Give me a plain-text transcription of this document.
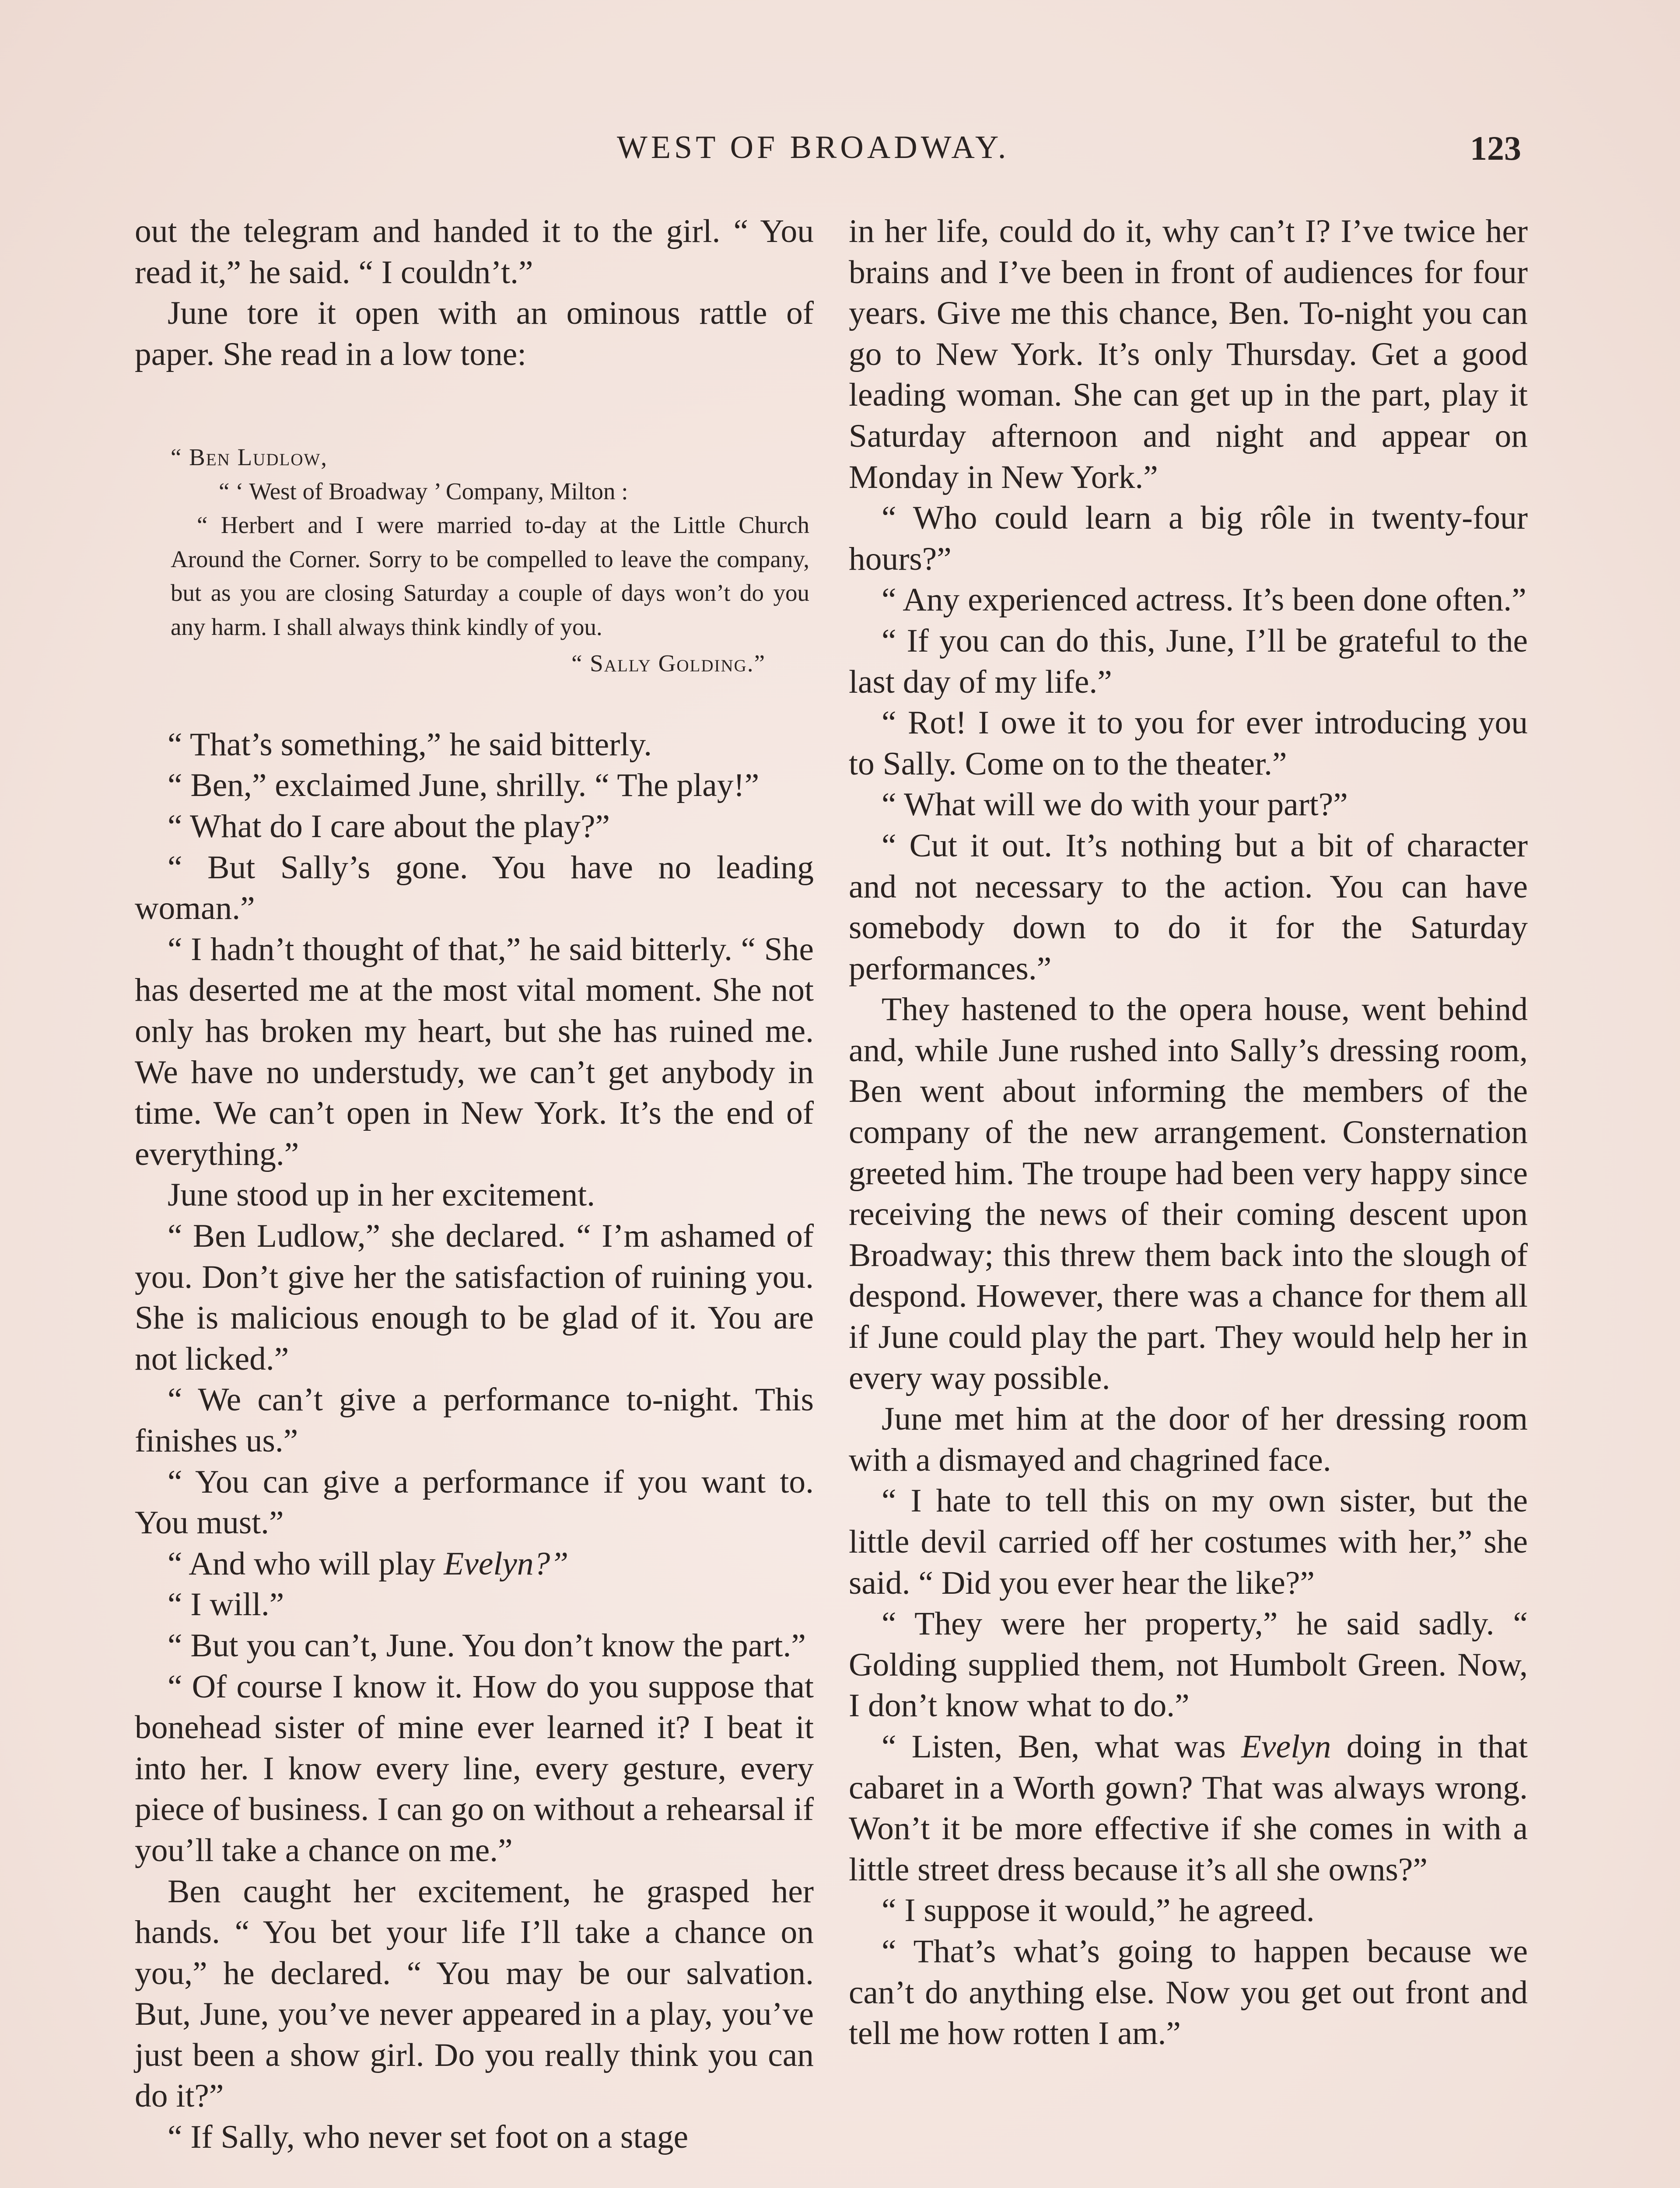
WEST OF BROADWAY.	123

out the telegram and handed it to the girl. “ You read it,” he said. “ I couldn’t.”

June tore it open with an ominous rattle of paper. She read in a low tone:

“ Ben Ludlow,

“ ‘ West of Broadway ’ Company, Milton :

“ Herbert and I were married to-day at the Little Church Around the Corner. Sorry to be compelled to leave the company, but as you are closing Saturday a couple of days won’t do you any harm. I shall always think kindly of you.

“ Sally Golding.”

“ That’s something,” he said bitterly.

“ Ben,” exclaimed June, shrilly. “ The play!”

“ What do I care about the play?”

“ But Sally’s gone. You have no leading woman.”

“ I hadn’t thought of that,” he said bitterly. “ She has deserted me at the most vital moment. She not only has broken my heart, but she has ruined me. We have no understudy, we can’t get anybody in time. We can’t open in New York. It’s the end of everything.”

June stood up in her excitement.

“ Ben Ludlow,” she declared. “ I’m ashamed of you. Don’t give her the satisfaction of ruining you. She is malicious enough to be glad of it. You are not licked.”

“ We can’t give a performance to-night. This finishes us.”

“ You can give a performance if you want to. You must.”

“ And who will play Evelyn?”

“ I will.”

“ But you can’t, June. You don’t know the part.”

“ Of course I know it. How do you suppose that bonehead sister of mine ever learned it? I beat it into her. I know every line, every gesture, every piece of business. I can go on without a rehearsal if you’ll take a chance on me.”

Ben caught her excitement, he grasped her hands. “ You bet your life I’ll take a chance on you,” he declared. “ You may be our salvation. But, June, you’ve never appeared in a play, you’ve just been a show girl. Do you really think you can do it?”

“ If Sally, who never set foot on a stage

in her life, could do it, why can’t I? I’ve twice her brains and I’ve been in front of audiences for four years. Give me this chance, Ben. To-night you can go to New York. It’s only Thursday. Get a good leading woman. She can get up in the part, play it Saturday afternoon and night and appear on Monday in New York.”

“ Who could learn a big rôle in twenty-four hours?”

“ Any experienced actress. It’s been done often.”

“ If you can do this, June, I’ll be grateful to the last day of my life.”

“ Rot! I owe it to you for ever introducing you to Sally. Come on to the theater.”

“ What will we do with your part?”

“ Cut it out. It’s nothing but a bit of character and not necessary to the action. You can have somebody down to do it for the Saturday performances.”

They hastened to the opera house, went behind and, while June rushed into Sally’s dressing room, Ben went about informing the members of the company of the new arrangement. Consternation greeted him. The troupe had been very happy since receiving the news of their coming descent upon Broadway; this threw them back into the slough of despond. However, there was a chance for them all if June could play the part. They would help her in every way possible.

June met him at the door of her dressing room with a dismayed and chagrined face.

“ I hate to tell this on my own sister, but the little devil carried off her costumes with her,” she said. “ Did you ever hear the like?”

“ They were her property,” he said sadly. “ Golding supplied them, not Humbolt Green. Now, I don’t know what to do.”

“ Listen, Ben, what was Evelyn doing in that cabaret in a Worth gown? That was always wrong. Won’t it be more effective if she comes in with a little street dress because it’s all she owns?”

“ I suppose it would,” he agreed.

“ That’s what’s going to happen because we can’t do anything else. Now you get out front and tell me how rotten I am.”
